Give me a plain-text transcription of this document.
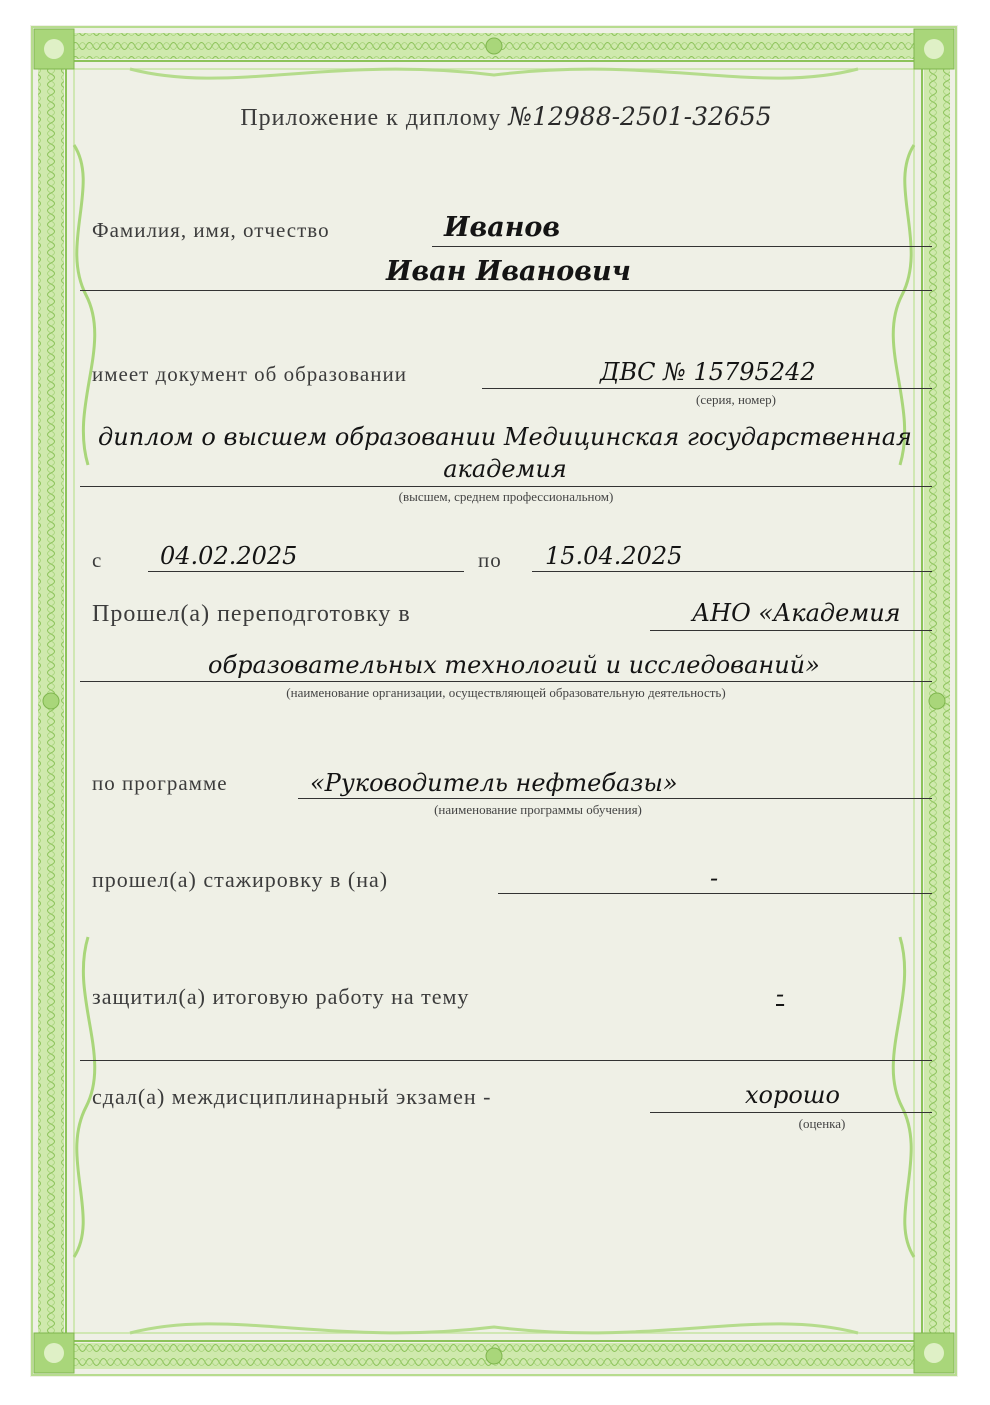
Приложение к диплому №12988-2501-32655
Фамилия, имя, отчество	Иванов
Иван Иванович
имеет документ об образовании	ДВС № 15795242
(серия, номер)
диплом о высшем образовании Медицинская государственная академия
(высшем, среднем профессиональном)
с 04.02.2025	по 15.04.2025
Прошел(а) переподготовку в	АНО «Академия
образовательных технологий и исследований»
(наименование организации, осуществляющей образовательную деятельность)
по программе	«Руководитель нефтебазы»
(наименование программы обучения)
прошел(а) стажировку в (на)	-
защитил(а) итоговую работу на тему	-
сдал(а) междисциплинарный экзамен -	хорошо
(оценка)
